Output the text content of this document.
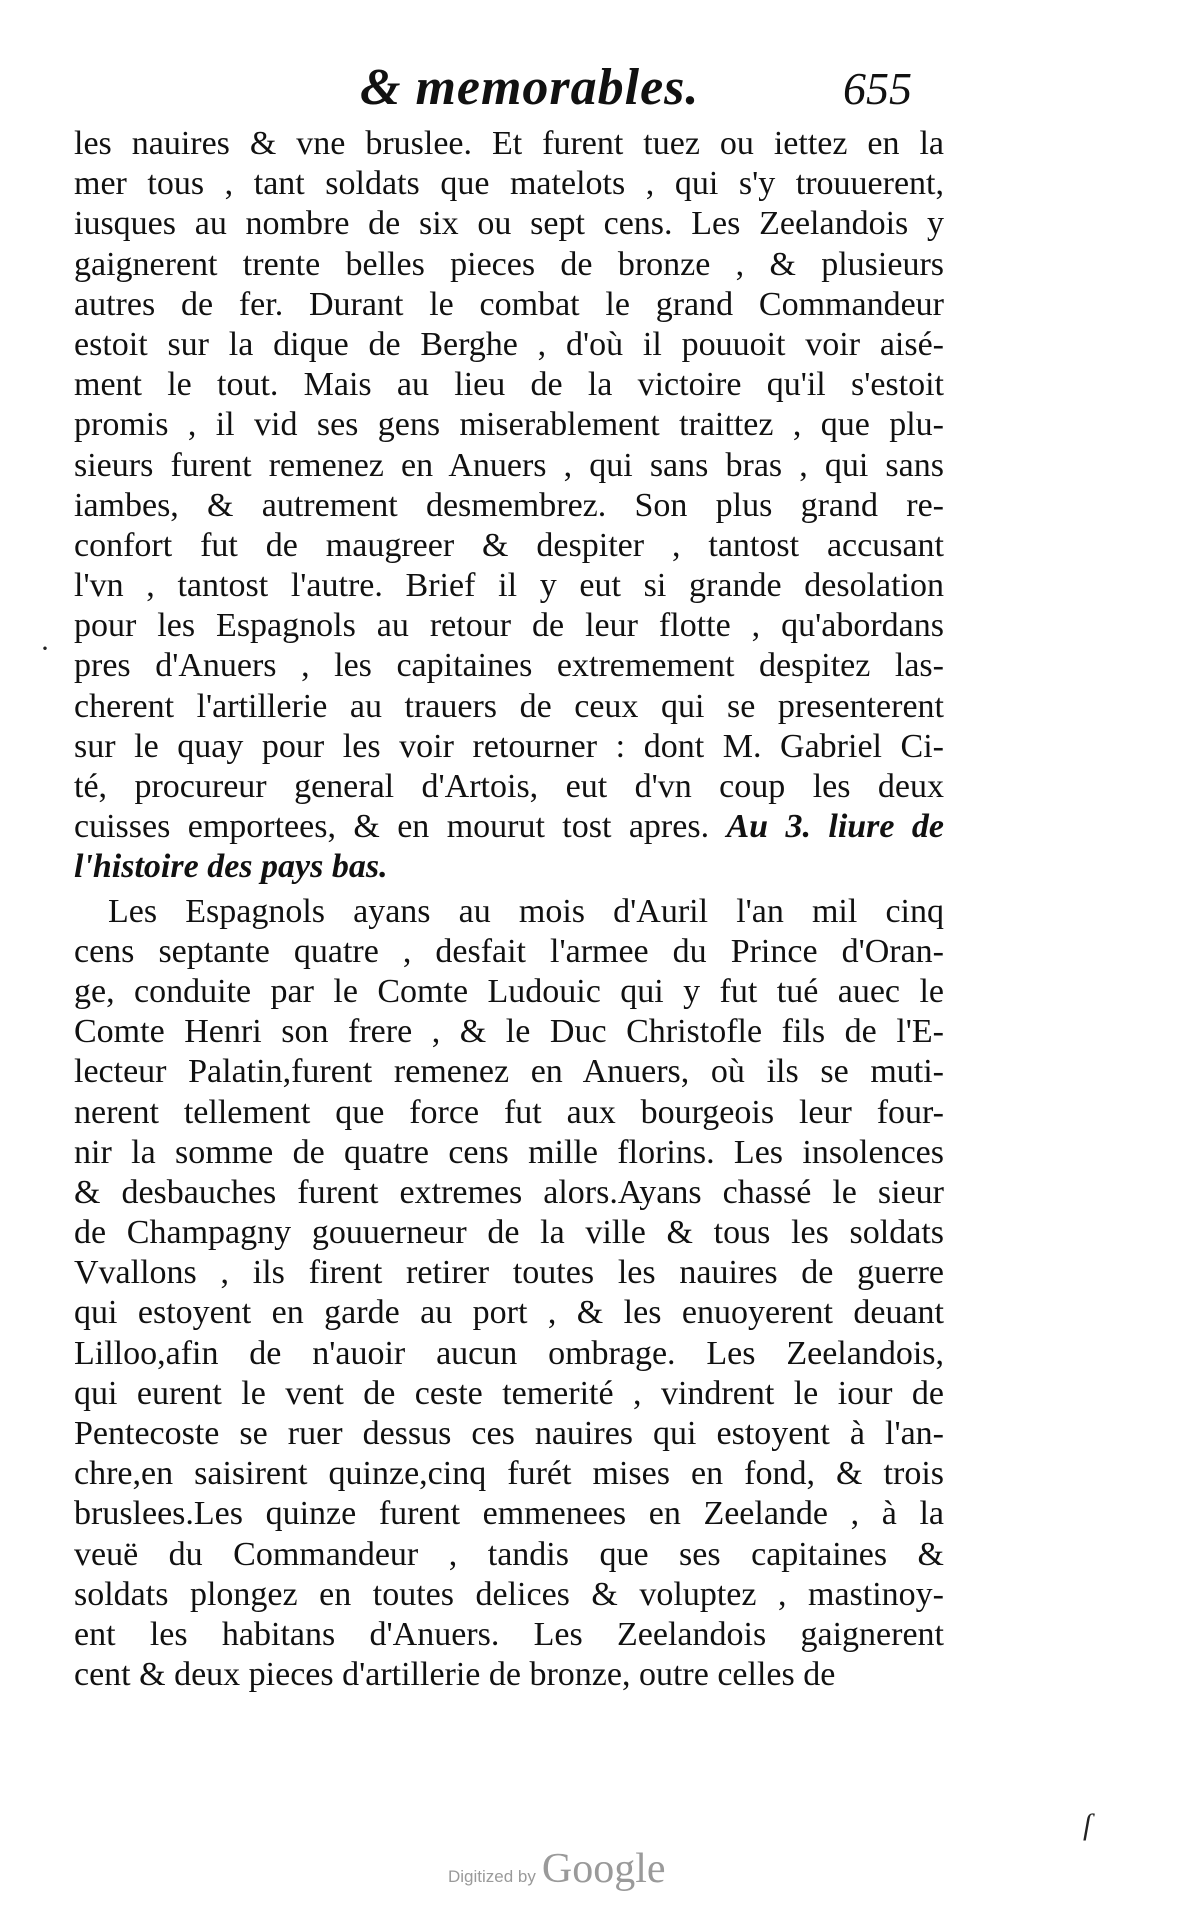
& memorables.	655
les nauires & vne bruslee. Et furent tuez ou iettez en la
mer tous , tant soldats que matelots , qui s'y trouuerent,
iusques au nombre de six ou sept cens. Les Zeelandois y
gaignerent trente belles pieces de bronze , & plusieurs
autres de fer. Durant le combat le grand Commandeur
estoit sur la dique de Berghe , d'où il pouuoit voir aisé-
ment le tout. Mais au lieu de la victoire qu'il s'estoit
promis , il vid ses gens miserablement traittez , que plu-
sieurs furent remenez en Anuers , qui sans bras , qui sans
iambes, & autrement desmembrez. Son plus grand re-
confort fut de maugreer & despiter , tantost accusant
l'vn , tantost l'autre. Brief il y eut si grande desolation
pour les Espagnols au retour de leur flotte , qu'abordans
pres d'Anuers , les capitaines extremement despitez las-
cherent l'artillerie au trauers de ceux qui se presenterent
sur le quay pour les voir retourner : dont M. Gabriel Ci-
té, procureur general d'Artois, eut d'vn coup les deux
cuisses emportees, & en mourut tost apres. Au 3. liure de
l'histoire des pays bas.
Les Espagnols ayans au mois d'Auril l'an mil cinq
cens septante quatre , desfait l'armee du Prince d'Oran-
ge, conduite par le Comte Ludouic qui y fut tué auec le
Comte Henri son frere , & le Duc Christofle fils de l'E-
lecteur Palatin,furent remenez en Anuers, où ils se muti-
nerent tellement que force fut aux bourgeois leur four-
nir la somme de quatre cens mille florins. Les insolences
& desbauches furent extremes alors.Ayans chassé le sieur
de Champagny gouuerneur de la ville & tous les soldats
Vvallons , ils firent retirer toutes les nauires de guerre
qui estoyent en garde au port , & les enuoyerent deuant
Lilloo,afin de n'auoir aucun ombrage. Les Zeelandois,
qui eurent le vent de ceste temerité , vindrent le iour de
Pentecoste se ruer dessus ces nauires qui estoyent à l'an-
chre,en saisirent quinze,cinq furét mises en fond, & trois
bruslees.Les quinze furent emmenees en Zeelande , à la
veuë du Commandeur , tandis que ses capitaines &
soldats plongez en toutes delices & voluptez , mastinoy-
ent les habitans d'Anuers. Les Zeelandois gaignerent
cent & deux pieces d'artillerie de bronze, outre celles de
·
ſ
Digitized by Google
